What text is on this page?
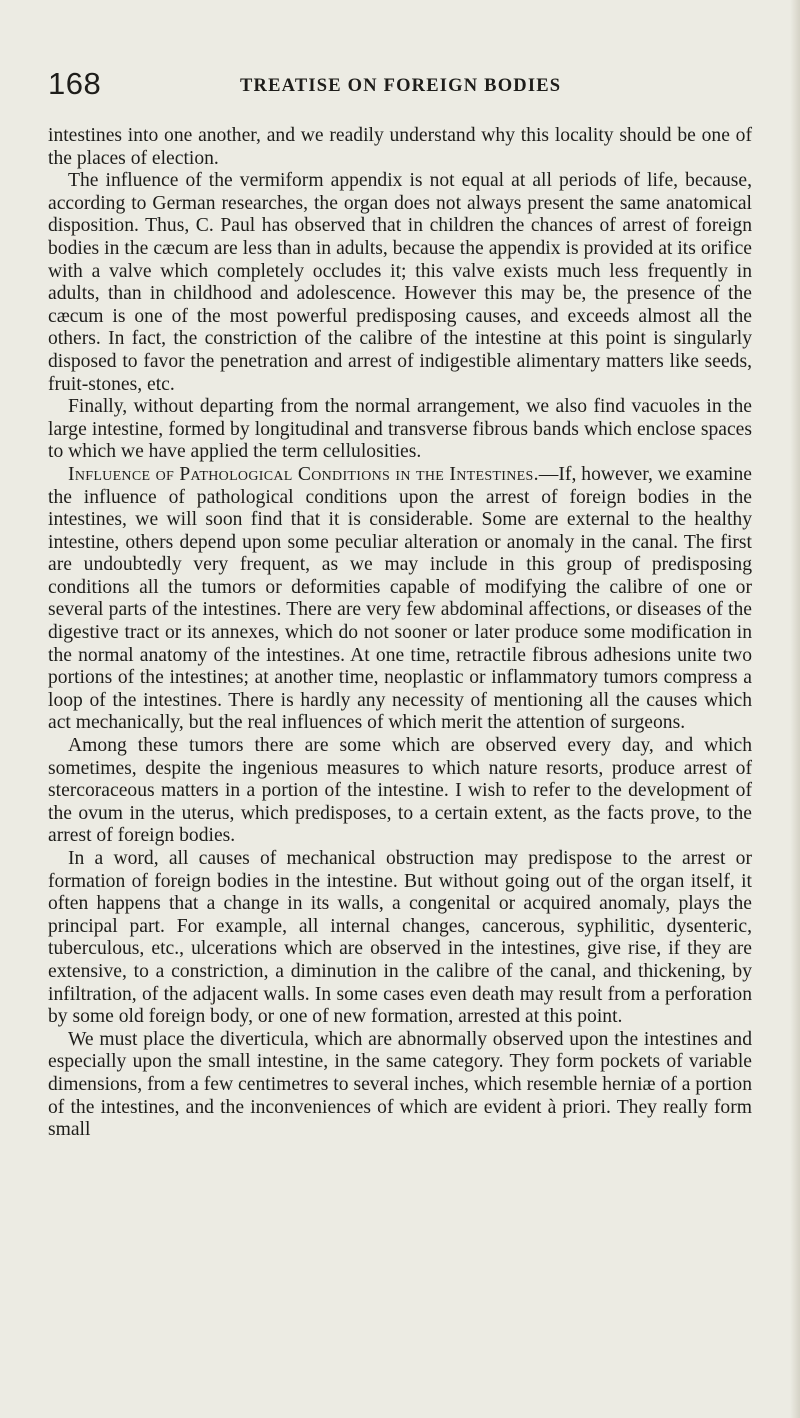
168	TREATISE ON FOREIGN BODIES

intestines into one another, and we readily understand why this locality should be one of the places of election.

The influence of the vermiform appendix is not equal at all periods of life, because, according to German researches, the organ does not always present the same anatomical disposition. Thus, C. Paul has observed that in children the chances of arrest of foreign bodies in the cæcum are less than in adults, because the appendix is provided at its orifice with a valve which completely occludes it; this valve exists much less frequently in adults, than in childhood and adolescence. However this may be, the presence of the cæcum is one of the most powerful predisposing causes, and exceeds almost all the others. In fact, the constriction of the calibre of the intestine at this point is singularly disposed to favor the penetration and arrest of indigestible alimentary matters like seeds, fruit-stones, etc.

Finally, without departing from the normal arrangement, we also find vacuoles in the large intestine, formed by longitudinal and transverse fibrous bands which enclose spaces to which we have applied the term cellulosities.

Influence of Pathological Conditions in the Intestines.—If, however, we examine the influence of pathological conditions upon the arrest of foreign bodies in the intestines, we will soon find that it is considerable. Some are external to the healthy intestine, others depend upon some peculiar alteration or anomaly in the canal. The first are undoubtedly very frequent, as we may include in this group of predisposing conditions all the tumors or deformities capable of modifying the calibre of one or several parts of the intestines. There are very few abdominal affections, or diseases of the digestive tract or its annexes, which do not sooner or later produce some modification in the normal anatomy of the intestines. At one time, retractile fibrous adhesions unite two portions of the intestines; at another time, neoplastic or inflammatory tumors compress a loop of the intestines. There is hardly any necessity of mentioning all the causes which act mechanically, but the real influences of which merit the attention of surgeons.

Among these tumors there are some which are observed every day, and which sometimes, despite the ingenious measures to which nature resorts, produce arrest of stercoraceous matters in a portion of the intestine. I wish to refer to the development of the ovum in the uterus, which predisposes, to a certain extent, as the facts prove, to the arrest of foreign bodies.

In a word, all causes of mechanical obstruction may predispose to the arrest or formation of foreign bodies in the intestine. But without going out of the organ itself, it often happens that a change in its walls, a congenital or acquired anomaly, plays the principal part. For example, all internal changes, cancerous, syphilitic, dysenteric, tuberculous, etc., ulcerations which are observed in the intestines, give rise, if they are extensive, to a constriction, a diminution in the calibre of the canal, and thickening, by infiltration, of the adjacent walls. In some cases even death may result from a perforation by some old foreign body, or one of new formation, arrested at this point.

We must place the diverticula, which are abnormally observed upon the intestines and especially upon the small intestine, in the same category. They form pockets of variable dimensions, from a few centimetres to several inches, which resemble herniæ of a portion of the intestines, and the inconveniences of which are evident à priori. They really form small
